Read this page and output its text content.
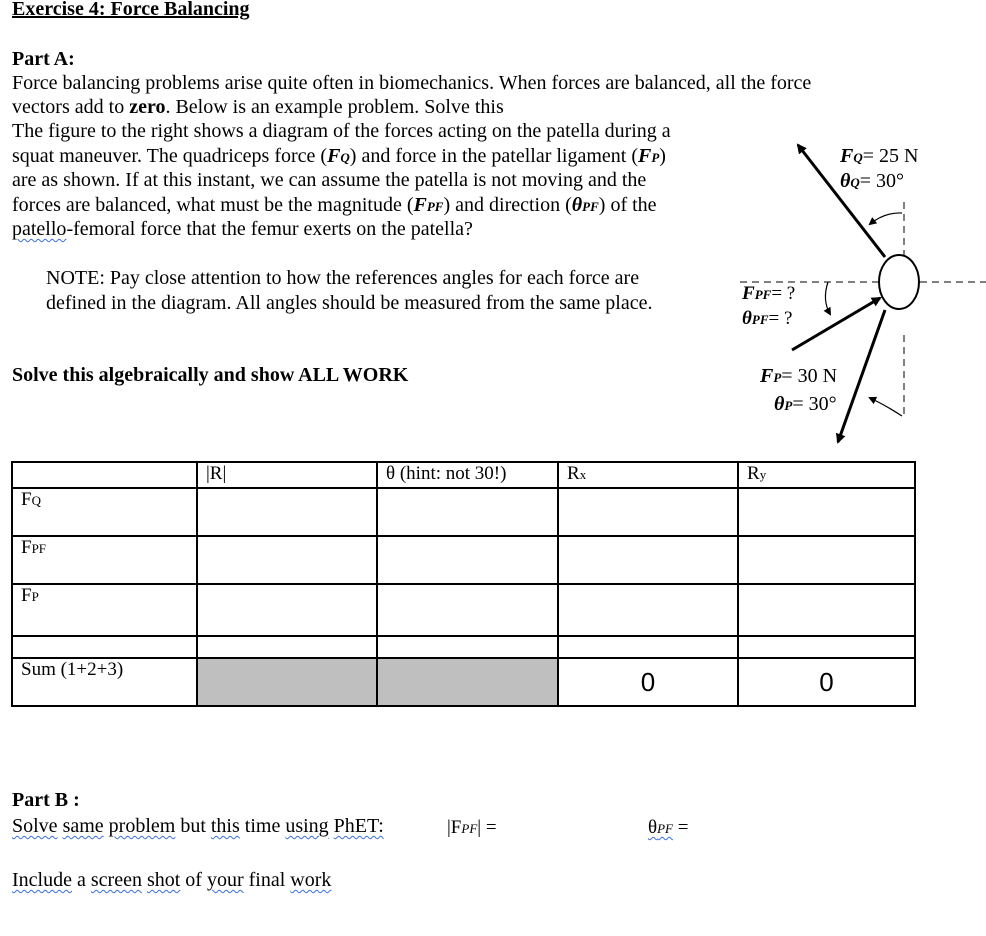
Exercise 4: Force Balancing
Part A:
Force balancing problems arise quite often in biomechanics. When forces are balanced, all the force
vectors add to zero. Below is an example problem. Solve this
The figure to the right shows a diagram of the forces acting on the patella during a
squat maneuver. The quadriceps force (FQ) and force in the patellar ligament (FP)
are as shown. If at this instant, we can assume the patella is not moving and the
forces are balanced, what must be the magnitude (FPF) and direction (θPF) of the
patello-femoral force that the femur exerts on the patella?
NOTE: Pay close attention to how the references angles for each force are
defined in the diagram. All angles should be measured from the same place.
Solve this algebraically and show ALL WORK
FQ= 25 N
θQ= 30°
FPF= ?
θPF= ?
FP= 30 N
θP= 30°
	|R|	θ (hint: not 30!)	Rx	Ry
FQ				
FPF				
FP				

Sum (1+2+3)			0	0
Part B :
Solve same problem but this time using PhET:	|FPF| =	θPF =
Include a screen shot of your final work
